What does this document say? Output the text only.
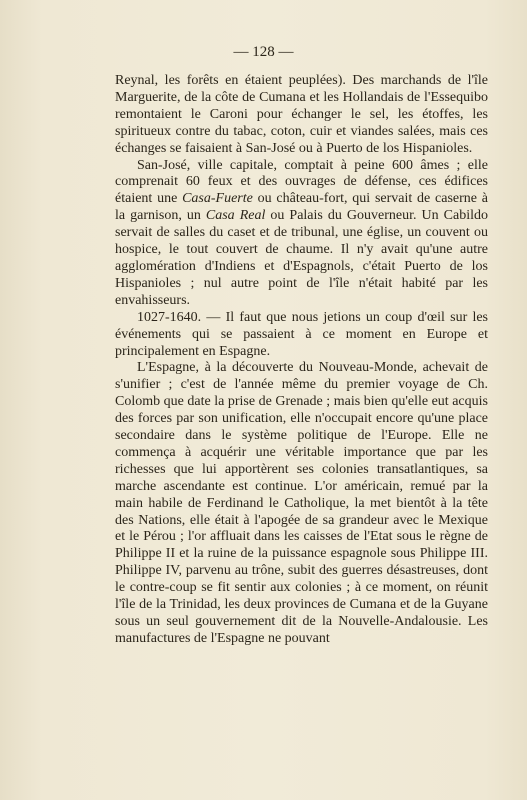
— 128 —

Reynal, les forêts en étaient peuplées). Des marchands de l'île Marguerite, de la côte de Cumana et les Hollandais de l'Essequibo remontaient le Caroni pour échanger le sel, les étoffes, les spiritueux contre du tabac, coton, cuir et viandes salées, mais ces échanges se faisaient à San-José ou à Puerto de los Hispanioles.

San-José, ville capitale, comptait à peine 600 âmes ; elle comprenait 60 feux et des ouvrages de défense, ces édifices étaient une Casa-Fuerte ou château-fort, qui servait de caserne à la garnison, un Casa Real ou Palais du Gouverneur. Un Cabildo servait de salles du caset et de tribunal, une église, un couvent ou hospice, le tout couvert de chaume. Il n'y avait qu'une autre agglomération d'Indiens et d'Espagnols, c'était Puerto de los Hispanioles ; nul autre point de l'île n'était habité par les envahisseurs.

1027-1640. — Il faut que nous jetions un coup d'œil sur les événements qui se passaient à ce moment en Europe et principalement en Espagne.

L'Espagne, à la découverte du Nouveau-Monde, achevait de s'unifier ; c'est de l'année même du premier voyage de Ch. Colomb que date la prise de Grenade ; mais bien qu'elle eut acquis des forces par son unification, elle n'occupait encore qu'une place secondaire dans le système politique de l'Europe. Elle ne commença à acquérir une véritable importance que par les richesses que lui apportèrent ses colonies transatlantiques, sa marche ascendante est continue. L'or américain, remué par la main habile de Ferdinand le Catholique, la met bientôt à la tête des Nations, elle était à l'apogée de sa grandeur avec le Mexique et le Pérou ; l'or affluait dans les caisses de l'Etat sous le règne de Philippe II et la ruine de la puissance espagnole sous Philippe III. Philippe IV, parvenu au trône, subit des guerres désastreuses, dont le contre-coup se fit sentir aux colonies ; à ce moment, on réunit l'île de la Trinidad, les deux provinces de Cumana et de la Guyane sous un seul gouvernement dit de la Nouvelle-Andalousie. Les manufactures de l'Espagne ne pouvant
